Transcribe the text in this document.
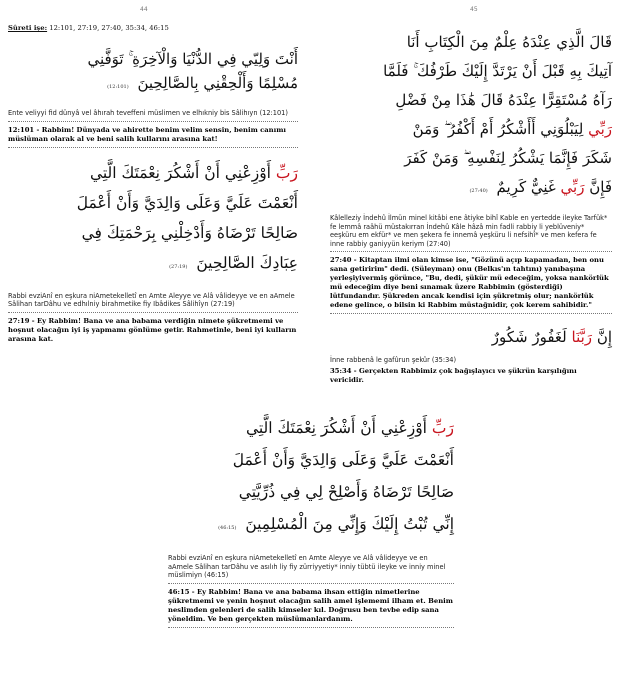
44	45
Sûreti işe: 12:101, 27:19, 27:40, 35:34, 46:15
أَنْتَ وَلِيّي فِي الدُّنْيَا وَالْآخِرَةِ ۚ تَوَفَّنِي
مُسْلِمًا وَأَلْحِقْنِي بِالصَّالِحِينَ (12:101)
Ente veliyyi fid dünyâ vel âhırah teveffeni müslimen ve elhıkniy bis Sâlihıyn (12:101)
12:101 - Rabbim! Dünyada ve ahirette benim velim sensin, benim canımı müslüman olarak al ve beni salih kullarını arasına kat!
رَبِّ أَوْزِعْنِي أَنْ أَشْكُرَ نِعْمَتَكَ الَّتِي
أَنْعَمْتَ عَلَيَّ وَعَلَى وَالِدَيَّ وَأَنْ أَعْمَلَ
صَالِحًا تَرْضَاهُ وَأَدْخِلْنِي بِرَحْمَتِكَ فِي
عِبَادِكَ الصَّالِحِينَ (27:19)
Rabbi evziAnî en eşkura niAmetekelletî en Amte Aleyye ve Alâ vâlideyye ve en aAmele Sâlihan tarDâhu ve edhılniy birahmetike fiy Ibâdikes Sâlihîyn (27:19)
27:19 - Ey Rabbim! Bana ve ana babama verdiğin nimete şükretmemi ve hoşnut olacağın iyi iş yapmamı gönlüme getir. Rahmetinle, beni iyi kulların arasına kat.
قَالَ الَّذِي عِنْدَهُ عِلْمٌ مِنَ الْكِتَابِ أَنَا
آتِيكَ بِهِ قَبْلَ أَنْ يَرْتَدَّ إِلَيْكَ طَرْفُكَ ۚ فَلَمَّا
رَآهُ مُسْتَقِرًّا عِنْدَهُ قَالَ هَٰذَا مِنْ فَضْلِ
رَبِّي لِيَبْلُوَنِي أَأَشْكُرُ أَمْ أَكْفُرُ ۖ وَمَنْ
شَكَرَ فَإِنَّمَا يَشْكُرُ لِنَفْسِهِ ۖ وَمَنْ كَفَرَ
فَإِنَّ رَبِّي غَنِيٌّ كَرِيمٌ (27:40)
Kâlelleziy İndehû İlmün minel kitâbi ene âtiyke bihî Kable en yertedde ileyke Tarfük* fe lemmâ raâhü müstakırran İndehû Kâle hâzâ min fadli rabbiy li yeblüveniy* eeşküru em ekfür* ve men şekera fe innemâ yeşküru li nefsihî* ve men kefera fe inne rabbiy ganiyyün keriym (27:40)
27:40 - Kitaptan ilmi olan kimse ise, "Gözünü açıp kapamadan, ben onu sana getiririm" dedi. (Süleyman) onu (Belkıs'ın tahtını) yanıbaşına yerleşiyivermiş görünce, "Bu, dedi, şükür mü edeceğim, yoksa nankörlük mü edeceğim diye beni sınamak üzere Rabbimin (gösterdiği) lütfundandır. Şükreden ancak kendisi için şükretmiş olur; nankörlük edene gelince, o bilsin ki Rabbim müstağnidir, çok kerem sahibidir."
إِنَّ رَبَّنَا لَغَفُورٌ شَكُورٌ
İnne rabbenâ le gafûrun şekûr (35:34)
35:34 - Gerçekten Rabbimiz çok bağışlayıcı ve şükrün karşılığını vericidir.
رَبِّ أَوْزِعْنِي أَنْ أَشْكُرَ نِعْمَتَكَ الَّتِي
أَنْعَمْتَ عَلَيَّ وَعَلَى وَالِدَيَّ وَأَنْ أَعْمَلَ
صَالِحًا تَرْضَاهُ وَأَصْلِحْ لِي فِي ذُرِّيَّتِي
إِنِّي تُبْتُ إِلَيْكَ وَإِنِّي مِنَ الْمُسْلِمِينَ (46:15)
Rabbi evziAnî en eşkura niAmetekelletî en Amte Aleyye ve Alâ vâlideyye ve en aAmele Sâlihan tarDâhu ve asılıh liy fiy zürriyyetiy* inniy tübtü ileyke ve inniy minel müslimiyn (46:15)
46:15 - Ey Rabbim! Bana ve ana babama ihsan ettiğin nimetlerine şükretmemi ve yenin hoşnut olacağın salih amel işlememi ilham et. Benim neslimden gelenleri de salih kimseler kıl. Doğrusu ben tevbe edip sana yöneldim. Ve ben gerçekten müslümanlardanım.
